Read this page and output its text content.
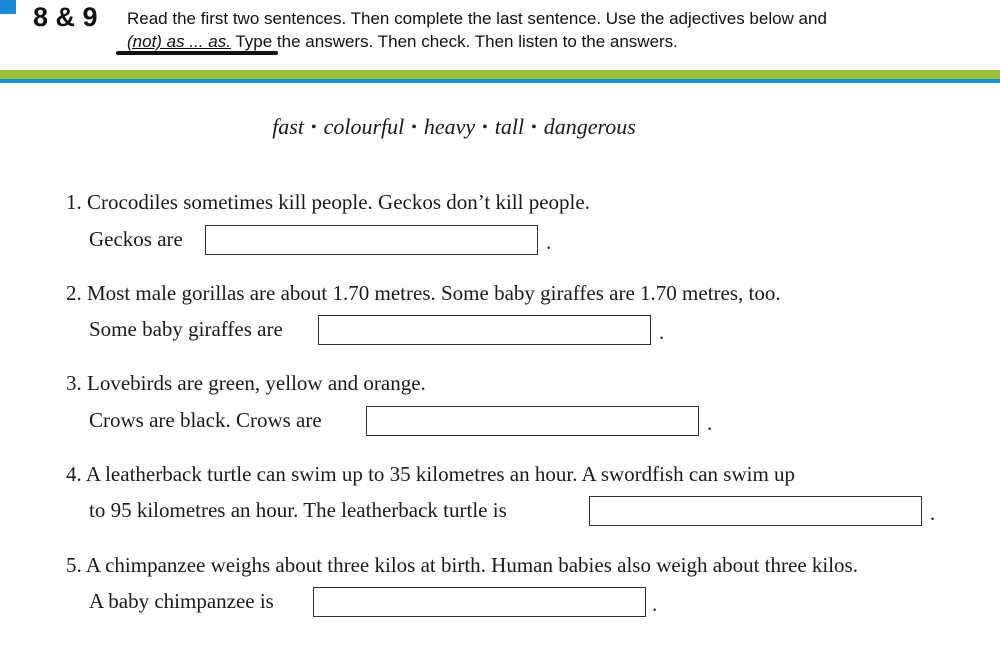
8 & 9 Read the first two sentences. Then complete the last sentence. Use the adjectives below and
(not) as ... as. Type the answers. Then check. Then listen to the answers.
fast • colourful • heavy • tall • dangerous
1. Crocodiles sometimes kill people. Geckos don’t kill people.
Geckos are	.
2. Most male gorillas are about 1.70 metres. Some baby giraffes are 1.70 metres, too.
Some baby giraffes are	.
3. Lovebirds are green, yellow and orange.
Crows are black. Crows are	.
4. A leatherback turtle can swim up to 35 kilometres an hour. A swordfish can swim up
to 95 kilometres an hour. The leatherback turtle is	.
5. A chimpanzee weighs about three kilos at birth. Human babies also weigh about three kilos.
A baby chimpanzee is	.
